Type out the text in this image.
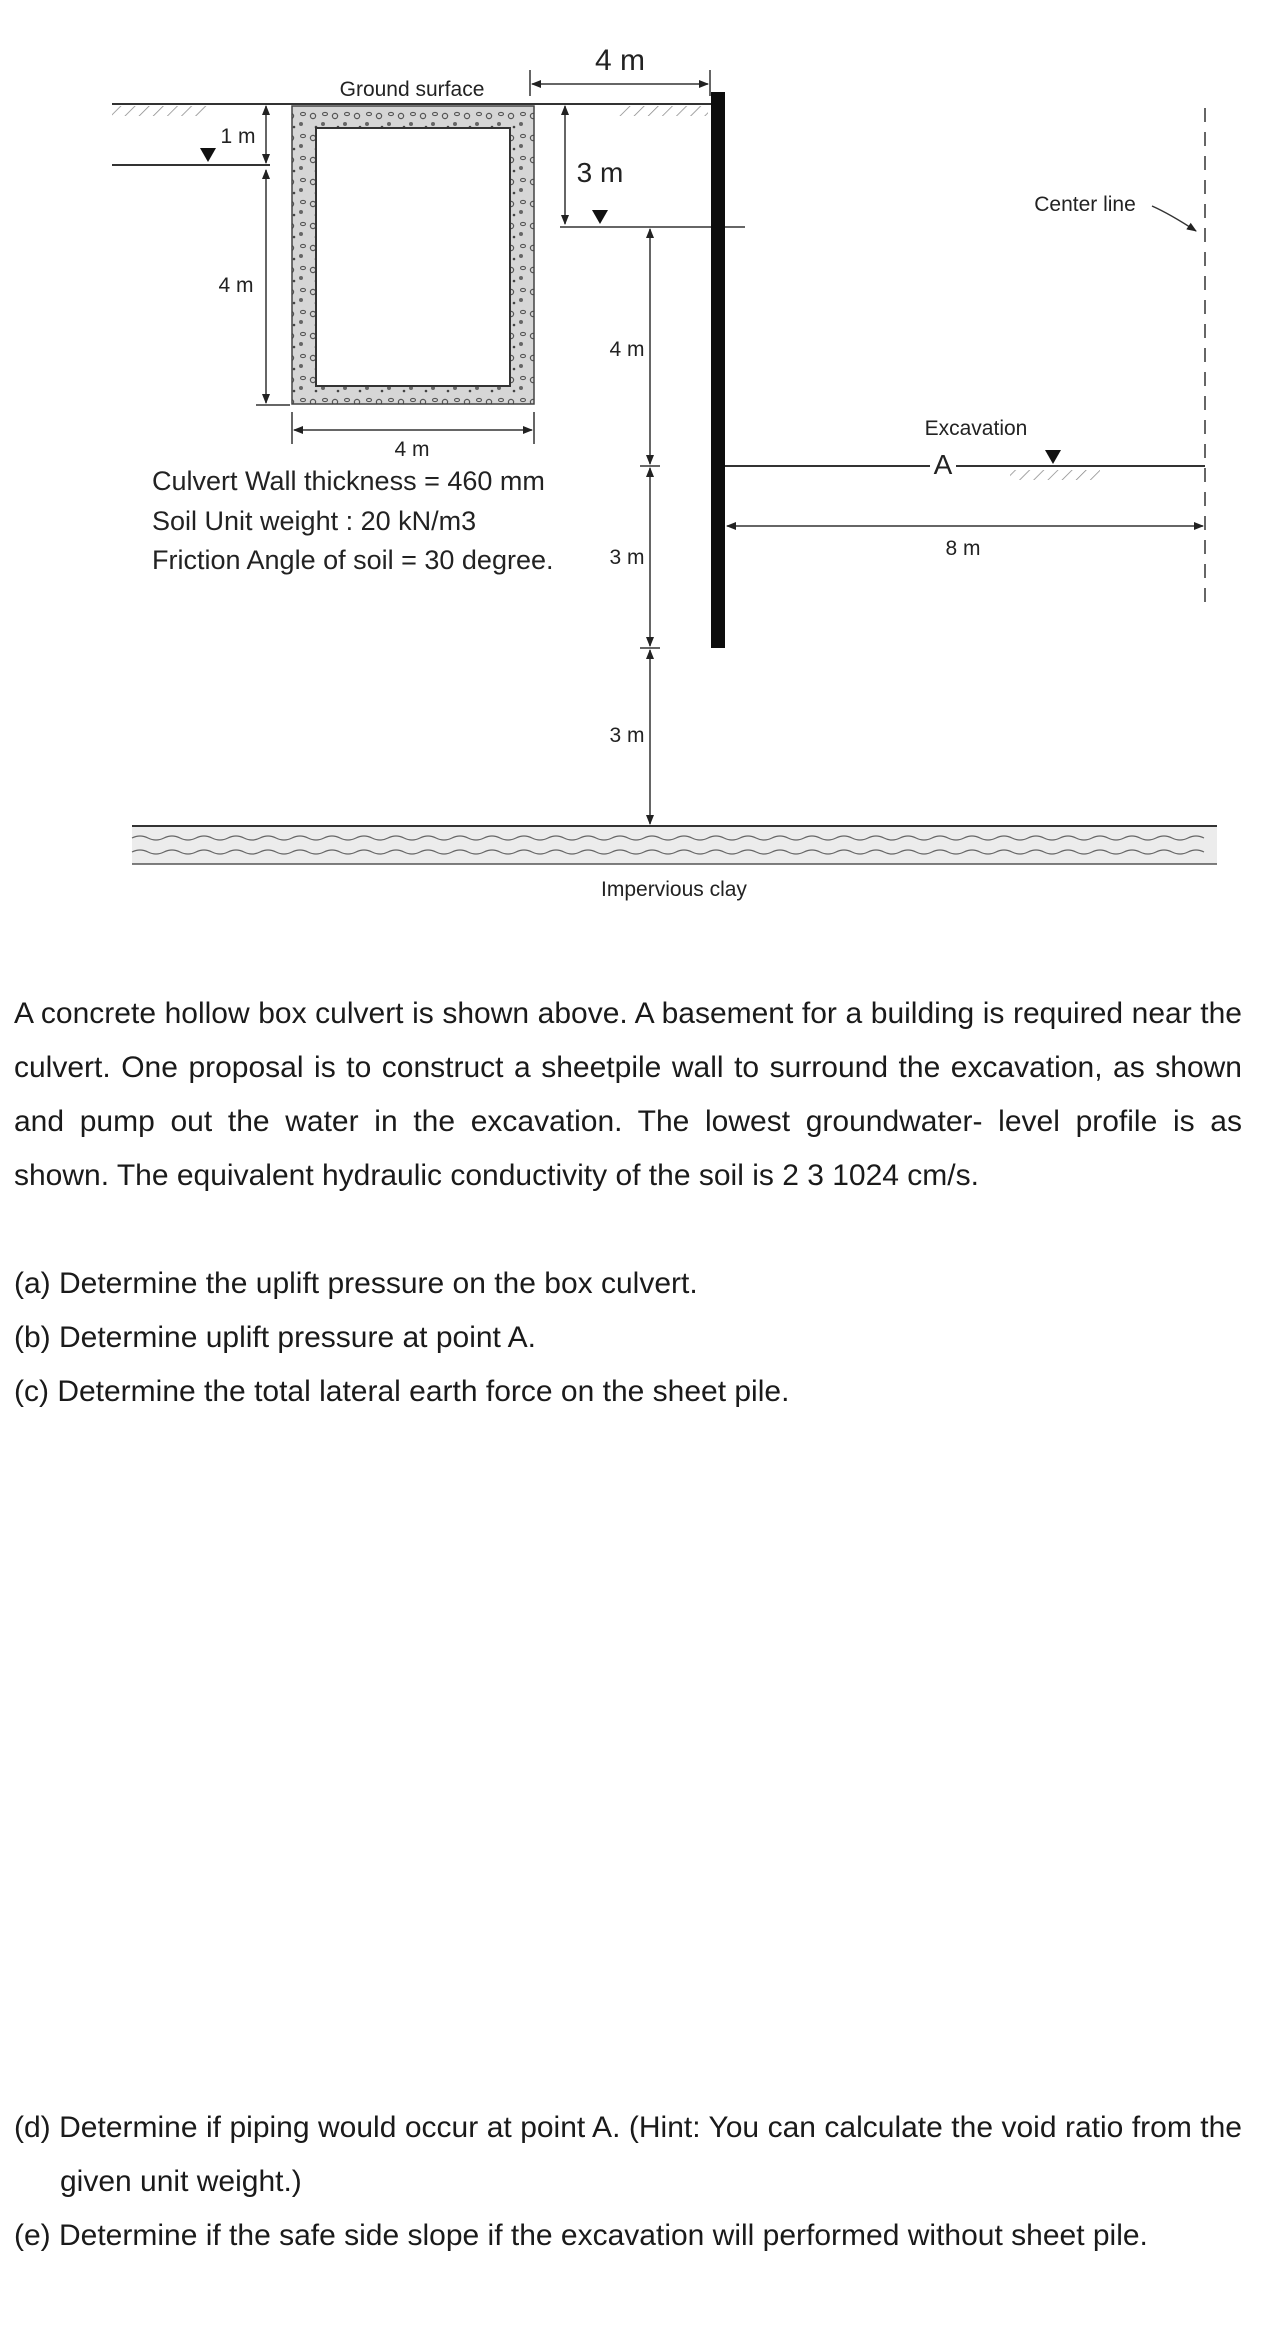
Ground surface
4 m
1 m
4 m
4 m
3 m
4 m
3 m
3 m
Excavation
A
8 m
Center line
Culvert Wall thickness = 460 mm
Soil Unit weight : 20 kN/m3
Friction Angle of soil = 30 degree.
Impervious clay
A concrete hollow box culvert is shown above. A basement for a building is required near the culvert. One proposal is to construct a sheetpile wall to surround the excavation, as shown and pump out the water in the excavation. The lowest groundwater- level profile is as shown. The equivalent hydraulic conductivity of the soil is 2 3 1024 cm/s.

(a) Determine the uplift pressure on the box culvert.

(b) Determine uplift pressure at point A.

(c) Determine the total lateral earth force on the sheet pile.

(d) Determine if piping would occur at point A. (Hint: You can calculate the void ratio from the given unit weight.)

(e) Determine if the safe side slope if the excavation will performed without sheet pile.
